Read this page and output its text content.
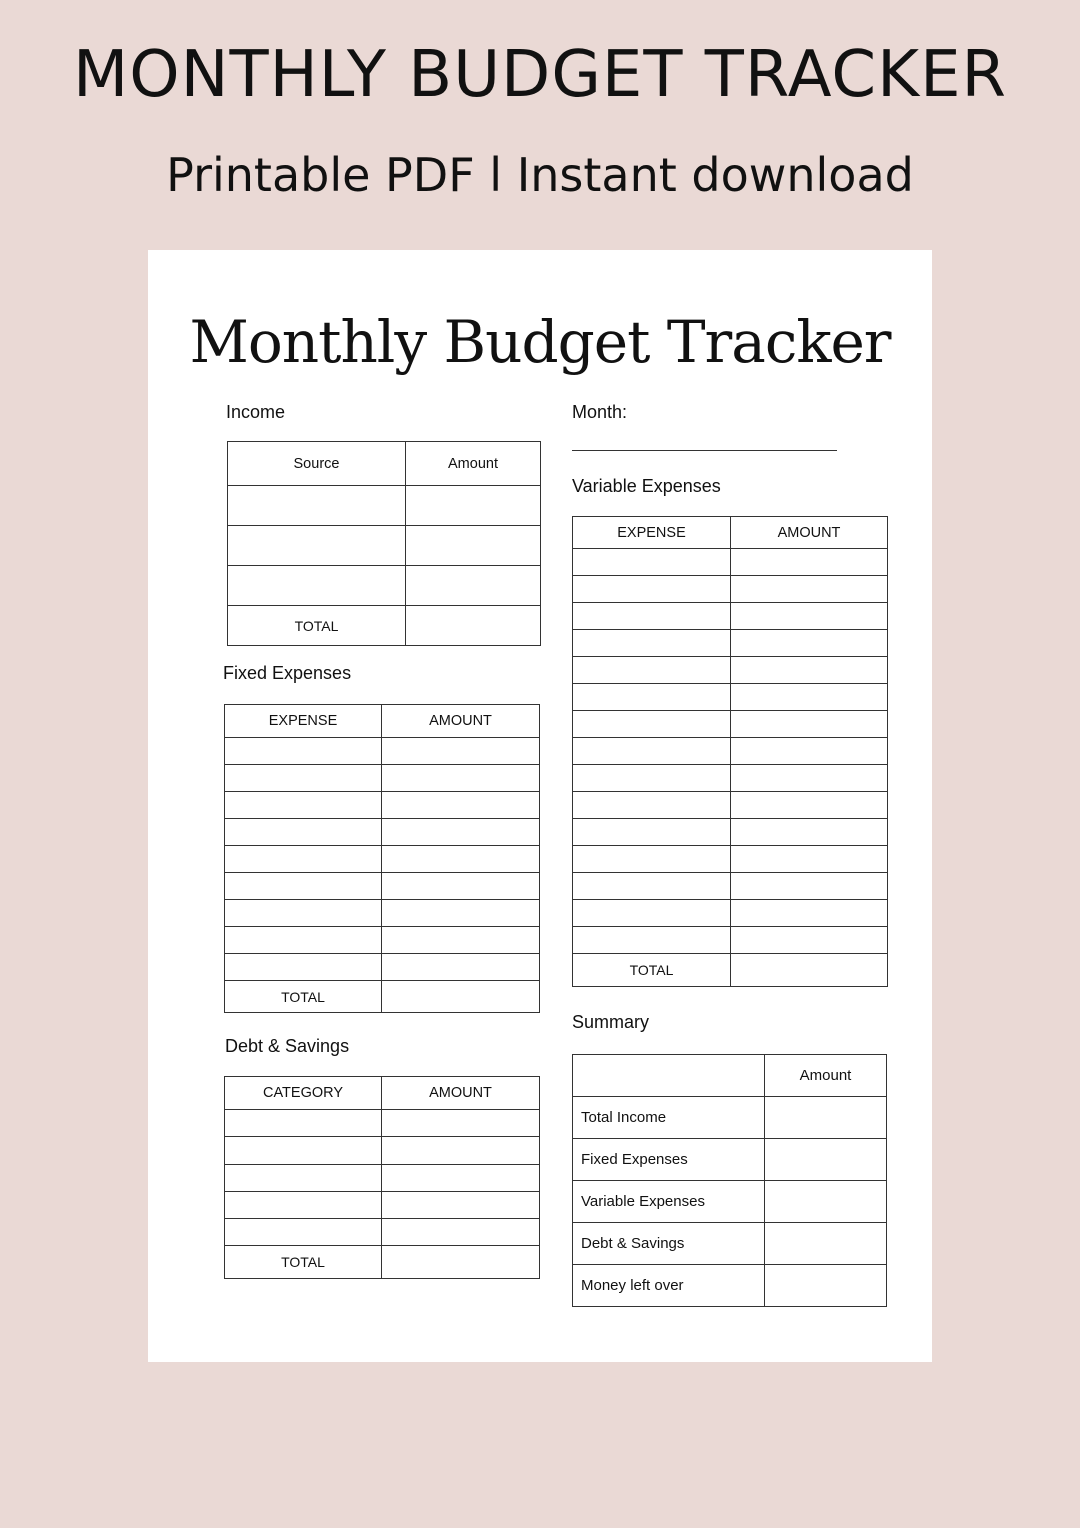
MONTHLY BUDGET TRACKER
Printable PDF l Instant download
Monthly Budget Tracker
Income
Source	Amount

TOTAL	
Month:
Fixed Expenses
EXPENSE	AMOUNT

TOTAL	
Debt & Savings
CATEGORY	AMOUNT

TOTAL	
Variable Expenses
EXPENSE	AMOUNT

TOTAL	
Summary
	Amount
Total Income	
Fixed Expenses	
Variable Expenses	
Debt & Savings	
Money left over	
